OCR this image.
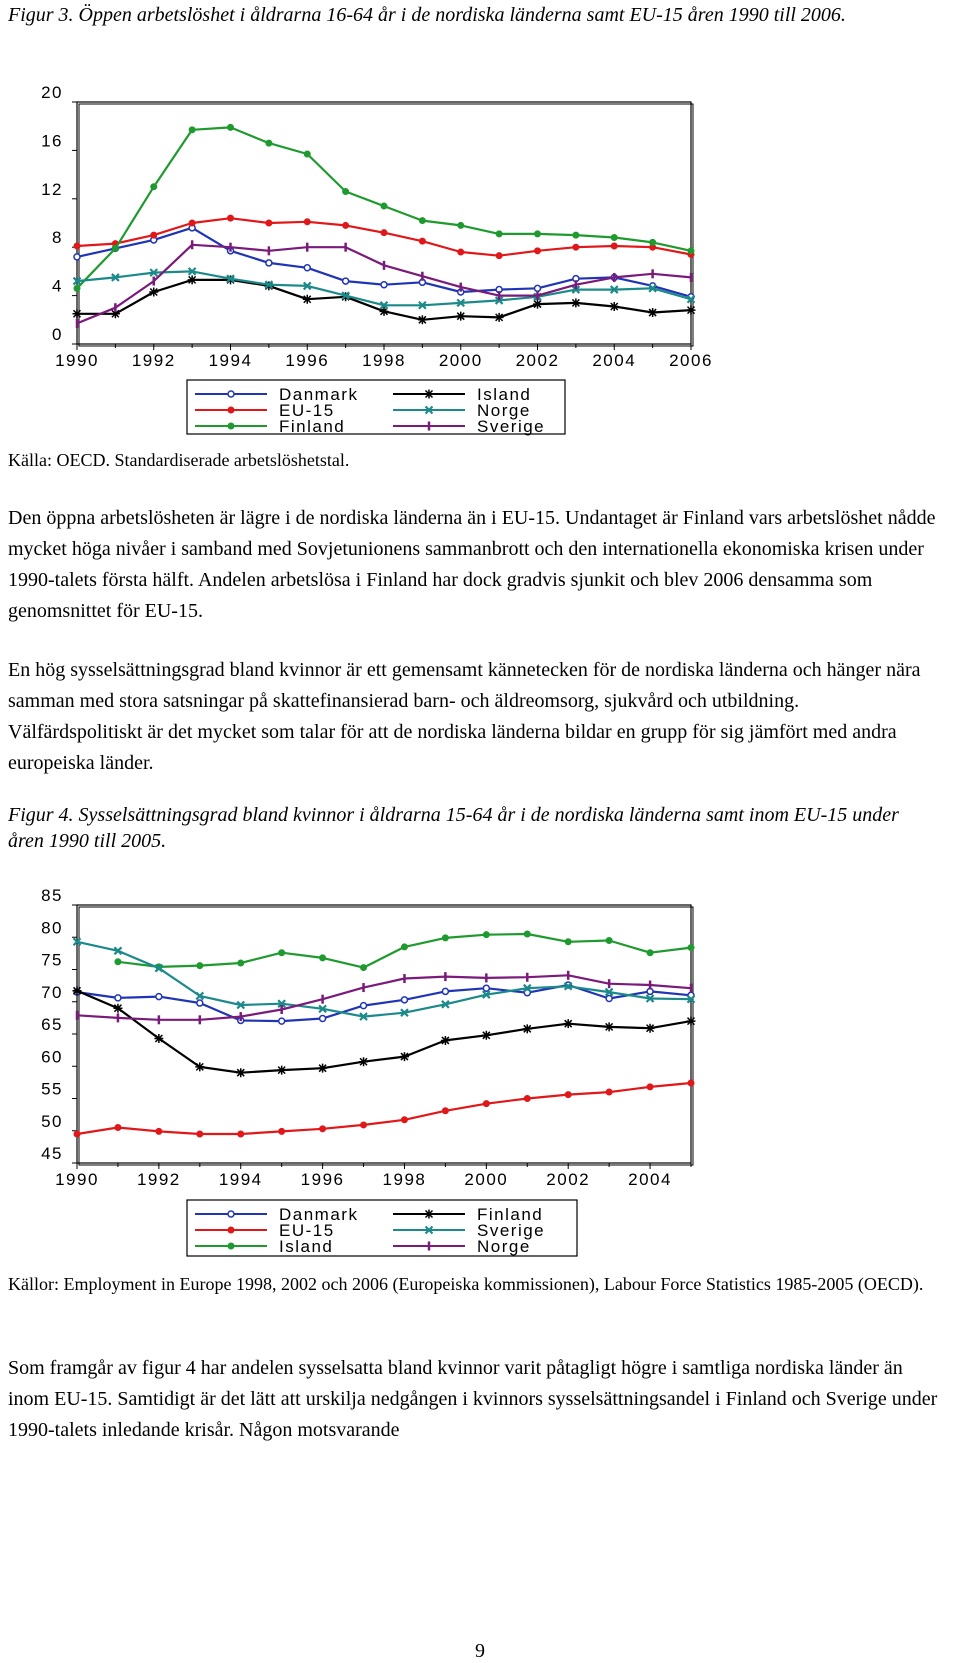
Figur 3. Öppen arbetslöshet i åldrarna 16-64 år i de nordiska länderna samt EU-15 åren 1990 till 2006.
0
4
8
12
16
20
1990 1992 1994 1996 1998 2000 2002 2004 2006
Danmark
EU-15
Finland
Island
Norge
Sverige
Källa: OECD. Standardiserade arbetslöshetstal.

Den öppna arbetslösheten är lägre i de nordiska länderna än i EU-15. Undantaget är Finland vars arbetslöshet nådde mycket höga nivåer i samband med Sovjetunionens sammanbrott och den internationella ekonomiska krisen under 1990-talets första hälft. Andelen arbetslösa i Finland har dock gradvis sjunkit och blev 2006 densamma som genomsnittet för EU-15.

En hög sysselsättningsgrad bland kvinnor är ett gemensamt kännetecken för de nordiska länderna och hänger nära samman med stora satsningar på skattefinansierad barn- och äldreomsorg, sjukvård och utbildning. Välfärdspolitiskt är det mycket som talar för att de nordiska länderna bildar en grupp för sig jämfört med andra europeiska länder.

Figur 4. Sysselsättningsgrad bland kvinnor i åldrarna 15-64 år i de nordiska länderna samt inom EU-15 under åren 1990 till 2005.
45
50
55
60
65
70
75
80
85
1990 1992 1994 1996 1998 2000 2002 2004
Danmark
EU-15
Island
Finland
Sverige
Norge
Källor: Employment in Europe 1998, 2002 och 2006 (Europeiska kommissionen), Labour Force Statistics 1985-2005 (OECD).

Som framgår av figur 4 har andelen sysselsatta bland kvinnor varit påtagligt högre i samtliga nordiska länder än inom EU-15. Samtidigt är det lätt att urskilja nedgången i kvinnors sysselsättningsandel i Finland och Sverige under 1990-talets inledande krisår. Någon motsvarande

9
